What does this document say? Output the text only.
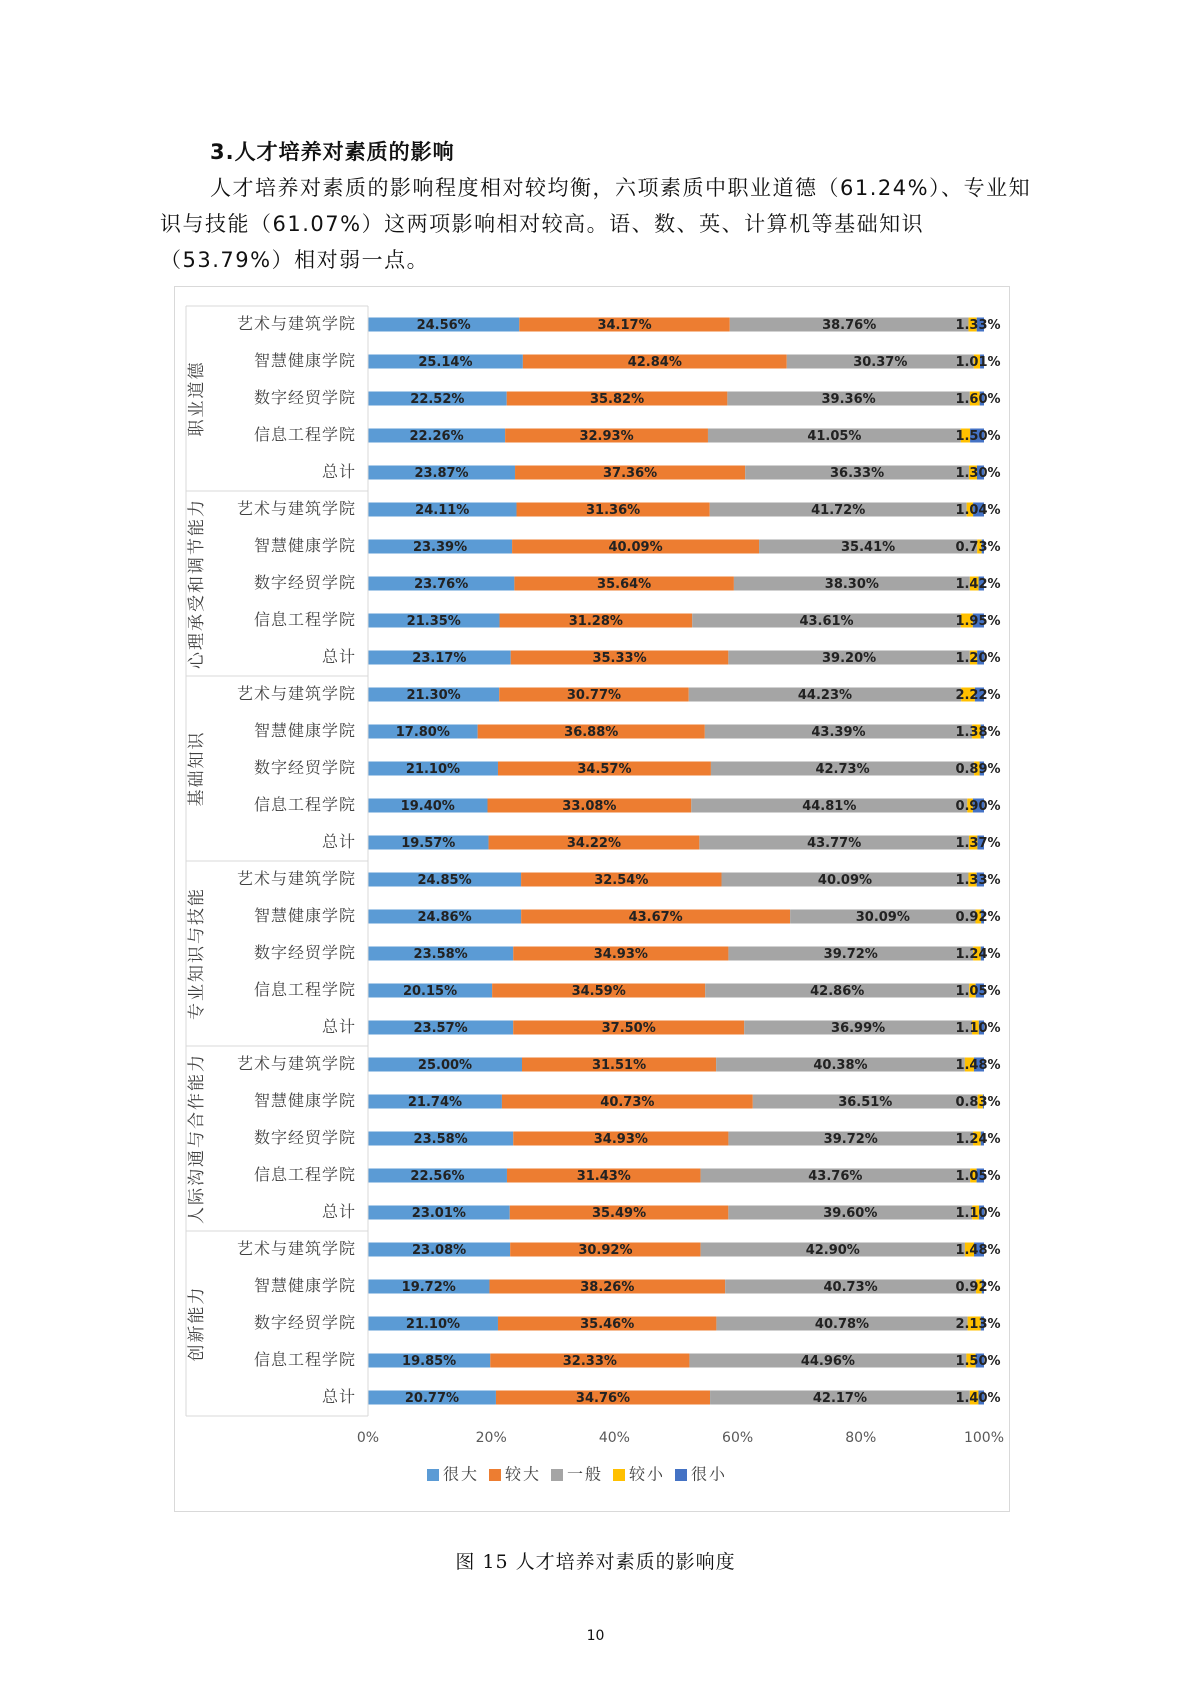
3.人才培养对素质的影响
人才培养对素质的影响程度相对较均衡，六项素质中职业道德（61.24%）、专业知识与技能（61.07%）这两项影响相对较高。语、数、英、计算机等基础知识（53.79%）相对弱一点。
职业道德
艺术与建筑学院	24.56%	34.17%	38.76%	1.33%
智慧健康学院	25.14%	42.84%	30.37%	1.01%
数字经贸学院	22.52%	35.82%	39.36%	1.60%
信息工程学院	22.26%	32.93%	41.05%	1.50%
总计	23.87%	37.36%	36.33%	1.30%
心理承受和调节能力 艺术与建筑学院	24.11%	31.36%	41.72%	1.04%
智慧健康学院	23.39%	40.09%	35.41%	0.73%
数字经贸学院	23.76%	35.64%	38.30%	1.42%
信息工程学院	21.35%	31.28%	43.61%	1.95%
总计	23.17%	35.33%	39.20%	1.20%
基础知识
艺术与建筑学院	21.30%	30.77%	44.23%	2.22%
智慧健康学院	17.80%	36.88%	43.39%	1.38%
数字经贸学院	21.10%	34.57%	42.73%	0.89%
信息工程学院	19.40%	33.08%	44.81%	0.90%
总计	19.57%	34.22%	43.77%	1.37%
专业知识与技能
艺术与建筑学院	24.85%	32.54%	40.09%	1.33%
智慧健康学院	24.86%	43.67%	30.09%	0.92%
数字经贸学院	23.58%	34.93%	39.72%	1.24%
信息工程学院	20.15%	34.59%	42.86%	1.05%
总计	23.57%	37.50%	36.99%	1.10%
人际沟通与合作能力 艺术与建筑学院	25.00%	31.51%	40.38%	1.48%
智慧健康学院	21.74%	40.73%	36.51%	0.83%
数字经贸学院	23.58%	34.93%	39.72%	1.24%
信息工程学院	22.56%	31.43%	43.76%	1.05%
总计	23.01%	35.49%	39.60%	1.10%
创新能力
艺术与建筑学院	23.08%	30.92%	42.90%	1.48%
智慧健康学院	19.72%	38.26%	40.73%	0.92%
数字经贸学院	21.10%	35.46%	40.78%	2.13%
信息工程学院	19.85%	32.33%	44.96%	1.50%
总计	20.77%	34.76%	42.17%	1.40%
0%	20%	40%	60%	80%	100%
很大 较大 一般 较小 很小
图 15 人才培养对素质的影响度
10
